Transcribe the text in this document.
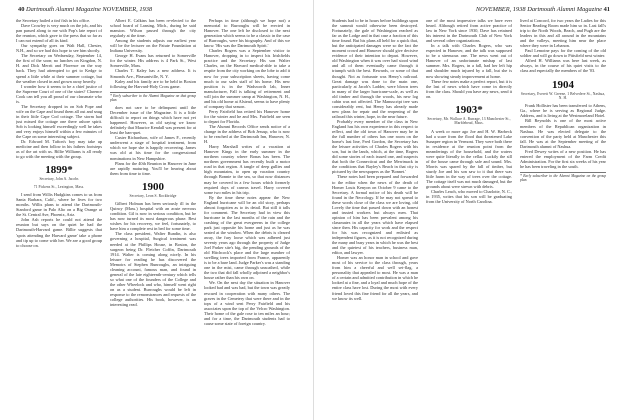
40 Dartmouth Alumni Magazine NOVEMBER, 1938

the Secretary hailed a tinf fish in his office.

Dave Crowley is very much on the job, and his pan passed along to me with Pop's late report of the reunion, which gave to the press that so far as I can not extend of all its kind.

Our sympathy goes on Walt Hall, Chester, N.H., and so we had this hope to see him shortly.

The Secretary on Wednesday, September 14, the first of the soon; no lunches on Kingdon, N. H. and Dick Merrit and Florence on the way back. They had attempted to get to Kedge to spend a little while at their summer cottage, but the weather closed in and grown away heavily.

I wonder how it seems to be a chief justice of the Supreme Court of one of the states? Clarence Cook can tell you all proud of our classmate who is.

The Secretary dropped in on Sob Pope and wife on the Cape and found them all out and snug in their little Cape Cod cottage. The storm had just missed the cottage one there ashore spirit. Sob is looking himself exceedingly well he takes and very enjoys himself within a few minutes of the Cape on some interesting subject.

Dr. Edward M. Tafton's boy may take up medicine and then follow in his fathers footsteps as of the art with us. Billie Williams is all ready to go with the meeting with the group.

1899*

Secretary, John A. Jacobs

71 Pickens St., Lexington, Mass.

I send from Willis Hudgkins comes to us from Santa Barbara, Calif., where he lives for two months. Willis plans to attend the Dartmouth-Stanford game in Palo Alto on a Big Orange at the St. Central Ave, Phoenix, Ariz.

John Ash reports he could not attend the reunion but says on the quiet he had the Dartmouth-Harvard game. Billie suggests that 'spots attending the Harvard game' take a phone and tip up to come with her. We are a good group to choose on.

Albert E. Calkins has been re-elected to the school board of Lansing, Mich., during he said mansion. Wilson passed through the city regularly at the time.

Among the students adjusts our earliest year will be the lecturer on the Paiute Foundation at Indiana University.

George H. Evans has returned to Somerville for the winter. His address is 4 Park St., West Somerville, Mass.

Charles T. Kaley has a new address. It is Simonds Ave., Pleasantville, N. Y.

Kaley and his family are to be held in Boston following the Harvard-Holy Cross game.

* Early subscriber to the Alumni Magazine on that group plan.

does not care to be delinquent until the December issue of the Magazine. It is a little difficult to report on things which have not yet happened. However, as old saying we know definitely that Maurice Kendall was present for at least the ban-quet.

Custer Richardson, wife of James F., recently underwent a stage of hospital treatment, from which we hope she is happily recovering. James was old at his time for the congressional nominations in New Hampshire.

Plans for the 40th Reunion in Hanover in June are rapidly maturing. You'll be hearing about them from time to time.

1900

Secretary, Leon S. Rockbridge

Gilbert Holman has been seriously ill in the Quincy (Mass.) hospital with an acute nervous condition. Gil is now in serious condition, but he has now turned its most dangerous phase. Best wishes for his recovery, we feel, fortunately, to have him a complete rest in bed for some time.

The class president, Walter Rundin, is also governing a hospital, Surgical treatment was needed at the Phillips House, in Boston, the surgeon being Dr. Fletcher Coffin, Dartmouth 1914. Walter is coming along nicely. In his leisure for reading he has discovered the Memoirs of Stephen Bunroughs, an intriguing cleaning account, famous man, and found in general of the late eighteenth-century which tells so what one of the founders of the College and the other Wheelock and who, himself went right on as a student. Burroughs would be left in response to the remonstrances and requests of the college authorities. His book, however, is an interesting read.

Perhaps in time (although we hope not) a memorial to Burroughs will be erected in Hanover. The one left he disclosed to the next generation which seems to be a classic in the case of Burroughs, were his biography. And of this we know. 'His was the Dartmouth Spirit.'

Charles Rogers was a September visitor to Hanover, dropping in to inspect his Irishfields practice and the Secretary. His son Walter Charles, on the Harvard medical-able to take a respite from the city working on the lobe to add it now for your subscription sheets, having come much to our sales staff of his home. His new position is in the Wadsworth lab, Inner manufacturer, Fall is talking of retirement and will join the summer camp at Washington, N. H., and his old home at Alstead, seems to have plenty of company that season.

Perry Fairfield has retired his Hanover home for the winter and he and Mrs. Fairfield are seen to depart for Florida.

The Alumni Records Office sends notice of a change in the address of Bob Jessup, who is now to be reached at the Dartmouth Inn, Hanover, N. H.

Harry Marshall writes of a vacation at Hanover Kings in the early summer in the northern country where Bonas has been. The northern government has recently built a motor road in that region. A tangle of deep gullies and high mountains, to open up vacation country through Bonnie to the sea, so that now distances may be covered in a few hours which formerly required days of canvas travel. Harry covered some two miles in his trip.

By the time these notes appear the New England hurricane will be an old story, perhaps almost forgotten as to its detail. But still it talls for comment. The Secretary had in view this hurricane in the last months of the rain and the crashing of the great evergreens in the college park just opposite his home and just as he was seated at the window. When the debris is cleared away, the fury loose which was adhered just seventy years ago through the property of Judge Joel Parker site's big, the pending grounds of the old Hitchcock's place and the large number of swelling trees imported from France, apparently is to be a bare land. Judge Parker's was a standing one in the mist, came through unscathed, while the two that did fall wholly adjoined a neighbor's house rather than his own on.

We. On the next day the situation in Hanover looked bad and was bad, but the town was greatly rescued in cooperation with many others. The graves in the Cemetery that were there and in the tops of a wind sent Perry Fairfield and his associates upon the top of the Velcro Washington. Their home of the gale rose to ten miles an hour; and for a time, the Dartmouth students had to cause some state of foreign country.

NOVEMBER, 1938 Dartmouth Alumni Magazine 41

Students had to be in hours before buildings upon the summit would otherwise been destroyed. Fortunately, the gale of Washington reached as far as the Lodge and in that case a fraction of this time found. But his plans all held for a quick that, but the anticipated damages were so the fact the moment crowd and Hanover should give decisive evidence of their intention to depart. However, old Washington when it was over had stood wind and all of them eventually came through it triumph with the best. Rewards, or some of that thought. Not as fortunate was Henry's railroad. Great damage was done to the main one, particularly at Jacob's Ladder, were blown trees in many of the larger hurricane-scale, as well as old timber and through the woods, his new log cabin was not affected. The Manuscript tree was considerably rent, but Henry has already made new plans for repair and the reopening of the railroad this winter, hope, in the near future.

Probably every member of the class in New England has his own experience in this respect to reflect, and the old town of Hanover may be in the full number of others has one room on the home's last line, Fred Gordon, the Secretary has the leisure activities of Charles Rogers with his son, but in the lands, which, at the time, Rogers did some stories of each issued one, and suspects that both the Connecticut and the Merrimack in the conditions that Bayley's Beach in that city is pictured by the newspapers as the 'Bonnet.'

These notes had been prepared and forwarded to the editor when the news of the death of Homer Louis Kenyon on October 9 came to the Secretary. A formal notice of his death will be found in the Necrology. If he may not spread to these words close of the class we are loving, old Lovely the time that passed down with an honest and trusted workers but always men. That opinion of him has been prevalent among his classmates in all the years which have elapsed since then. His capacity for work and the respect for his was recognized and enlisted as independent figures, as it is not recognized during the many and busy years in which he was the best and the quietest of his teachers, business man, editor, and lawyer.

Homer was an honor man in school and gave most of his service to the class through, years from him a cheerful and well set-flag, a personality that appealed to most. He was a man of a certain and admitted contribution in which he looked at a fine, and a loyal and much hope of the entire class have lost. During the most with every friend loved this fine friend for all the years, and we know its well.

one of the most impressive talks we have ever heard. Although retired from active practice of law in New York since 1930, Dave has retained his interest in the Dartmouth Club of New York and several other organizations.

In a talk with Charles Rogers, who was expected in Hanover, and the talk was supposed to be a strenuous one. The news went out of Hanover of an unfortunate mishap of last summer. Mrs. Rogers, in a fall, had her left hip and shoulder much injured by a fall, but she is now showing steady improvement at home.

These few notes make a perfect report, but it is the last of news which have come in directly from the class. Should you have any news, send it on.

1903*

Secretary, Mr. Wallace A. Burrage, 13 Manchester St., Marblehead, Mass.

A week or more ago Joe and H. W. Harbeck had a scare from the flood that threatened Lake Sunapee region in Vermont. They were both there in residence at the reunion point from the meanderings of the household, and the waters were quite literally in the cellar. Luckily the sill of the house came through safe and sound. Mrs. Morris was spared by the fall of timber, but sturdy Joe and his son saw to it that there was little harm in the way of trees over the cottage. The cottage itself was not much damaged, but the grounds about were strewn with debris.

Charles Leach, who moved to Charlotte, N. C., in 1935, writes that his son will be graduating from the University of North Carolina.

lived at Concord, for two years the Ladies for this Senior Reading Room made him so in. Last fall's trip to the North Woods, Beach, and Pugh are the leaders in this and all around in the mountains and the valleys, meeting him near the place where they were in Lebanon.

Paul Lemoine pays for the coming of the old soldier and will go down to Pittsfield next winter.

Alfred H. Williams was here last week, as always, in the course of his quiet visits to the class and especially the members of the '03.

1904

Secretary, Everett W. Greene, 1 Belvedere St., Nashua, N. H.

Frank Hollister has been transferred to Athens, Ga., where he is serving as Regional Judge. Address, and is living at the Westmoreland Hotel.

Bill Reynolds is one of the most active members of the Republican organization in Nashua. He was elected delegate to the convention of the party held at Manchester this fall. He was at the September meeting of the Dartmouth alumni of Nashua.

Fred Dewey writes of a new position. He has entered the employment of the Farm Credit Administration. For the first six weeks of his year he has been traveling in the south.

* Early subscriber to the Alumni Magazine on the group plan.
